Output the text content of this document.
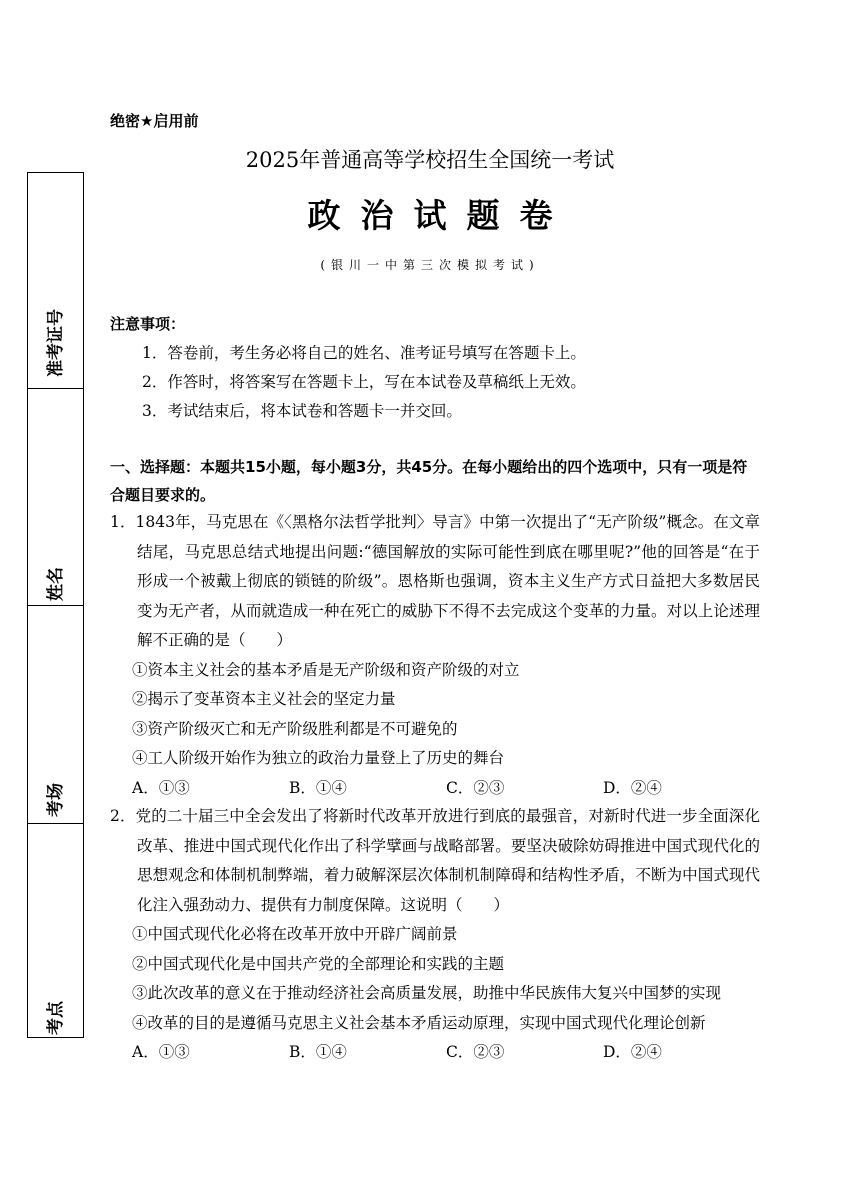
准考证号
姓名
考场
考点
绝密★启用前
2025年普通高等学校招生全国统一考试
政治试题卷
(银川一中第三次模拟考试)
注意事项：
1．答卷前，考生务必将自己的姓名、准考证号填写在答题卡上。
2．作答时，将答案写在答题卡上，写在本试卷及草稿纸上无效。
3．考试结束后，将本试卷和答题卡一并交回。
一、选择题：本题共15小题，每小题3分，共45分。在每小题给出的四个选项中，只有一项是符合题目要求的。
1．1843年，马克思在《〈黑格尔法哲学批判〉导言》中第一次提出了“无产阶级”概念。在文章结尾，马克思总结式地提出问题:“德国解放的实际可能性到底在哪里呢?”他的回答是“在于形成一个被戴上彻底的锁链的阶级”。恩格斯也强调，资本主义生产方式日益把大多数居民变为无产者，从而就造成一种在死亡的威胁下不得不去完成这个变革的力量。对以上论述理解不正确的是（　　）
①资本主义社会的基本矛盾是无产阶级和资产阶级的对立
②揭示了变革资本主义社会的坚定力量
③资产阶级灭亡和无产阶级胜利都是不可避免的
④工人阶级开始作为独立的政治力量登上了历史的舞台
A．①③	B．①④	C．②③	D．②④
2．党的二十届三中全会发出了将新时代改革开放进行到底的最强音，对新时代进一步全面深化改革、推进中国式现代化作出了科学擘画与战略部署。要坚决破除妨碍推进中国式现代化的思想观念和体制机制弊端，着力破解深层次体制机制障碍和结构性矛盾，不断为中国式现代化注入强劲动力、提供有力制度保障。这说明（　　）
①中国式现代化必将在改革开放中开辟广阔前景
②中国式现代化是中国共产党的全部理论和实践的主题
③此次改革的意义在于推动经济社会高质量发展，助推中华民族伟大复兴中国梦的实现
④改革的目的是遵循马克思主义社会基本矛盾运动原理，实现中国式现代化理论创新
A．①③	B．①④	C．②③	D．②④
